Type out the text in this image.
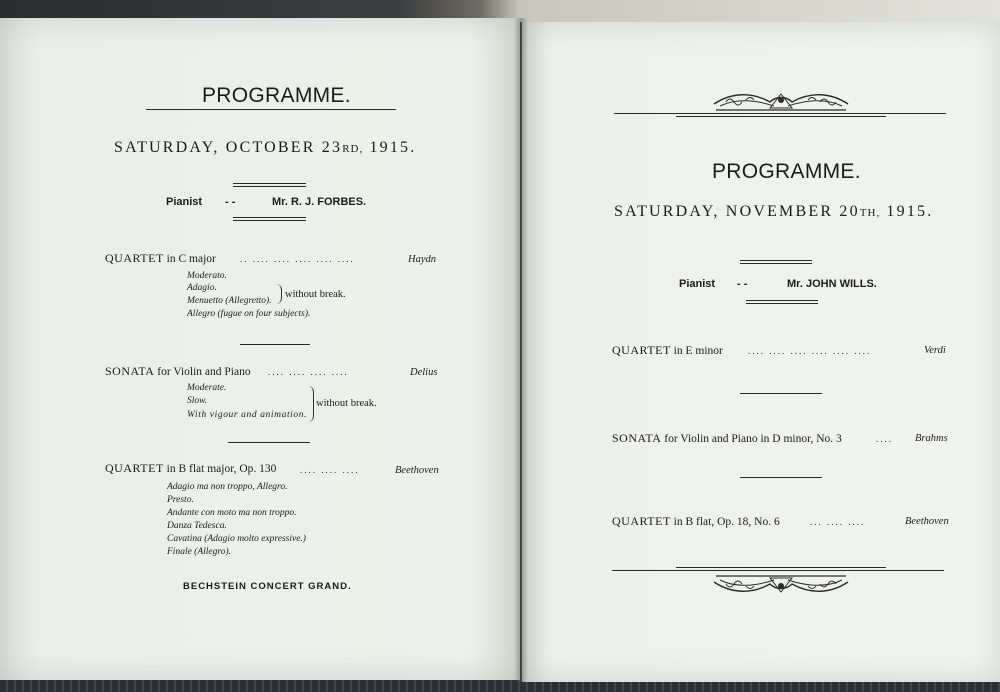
PROGRAMME.
SATURDAY, OCTOBER 23RD, 1915.
Pianist - -	Mr. R. J. FORBES.
QUARTET in C major	.. .... .... .... .... ....	Haydn
Moderato.
Adagio.
Menuetto (Allegretto).
Allegro (fugue on four subjects).
without break.
SONATA for Violin and Piano .... .... .... ....	Delius
Moderate.
Slow.
With vigour and animation.
without break.
QUARTET in B flat major, Op. 130	.... .... ....	Beethoven
Adagio ma non troppo, Allegro.
Presto.
Andante con moto ma non troppo.
Danza Tedesca.
Cavatina (Adagio molto expressive.)
Finale (Allegro).
BECHSTEIN CONCERT GRAND.
PROGRAMME.
SATURDAY, NOVEMBER 20TH, 1915.
Pianist - -	Mr. JOHN WILLS.
QUARTET in E minor	.... .... .... .... .... ....	Verdi
SONATA for Violin and Piano in D minor, No. 3	.... Brahms
QUARTET in B flat, Op. 18, No. 6	... .... ....	Beethoven
